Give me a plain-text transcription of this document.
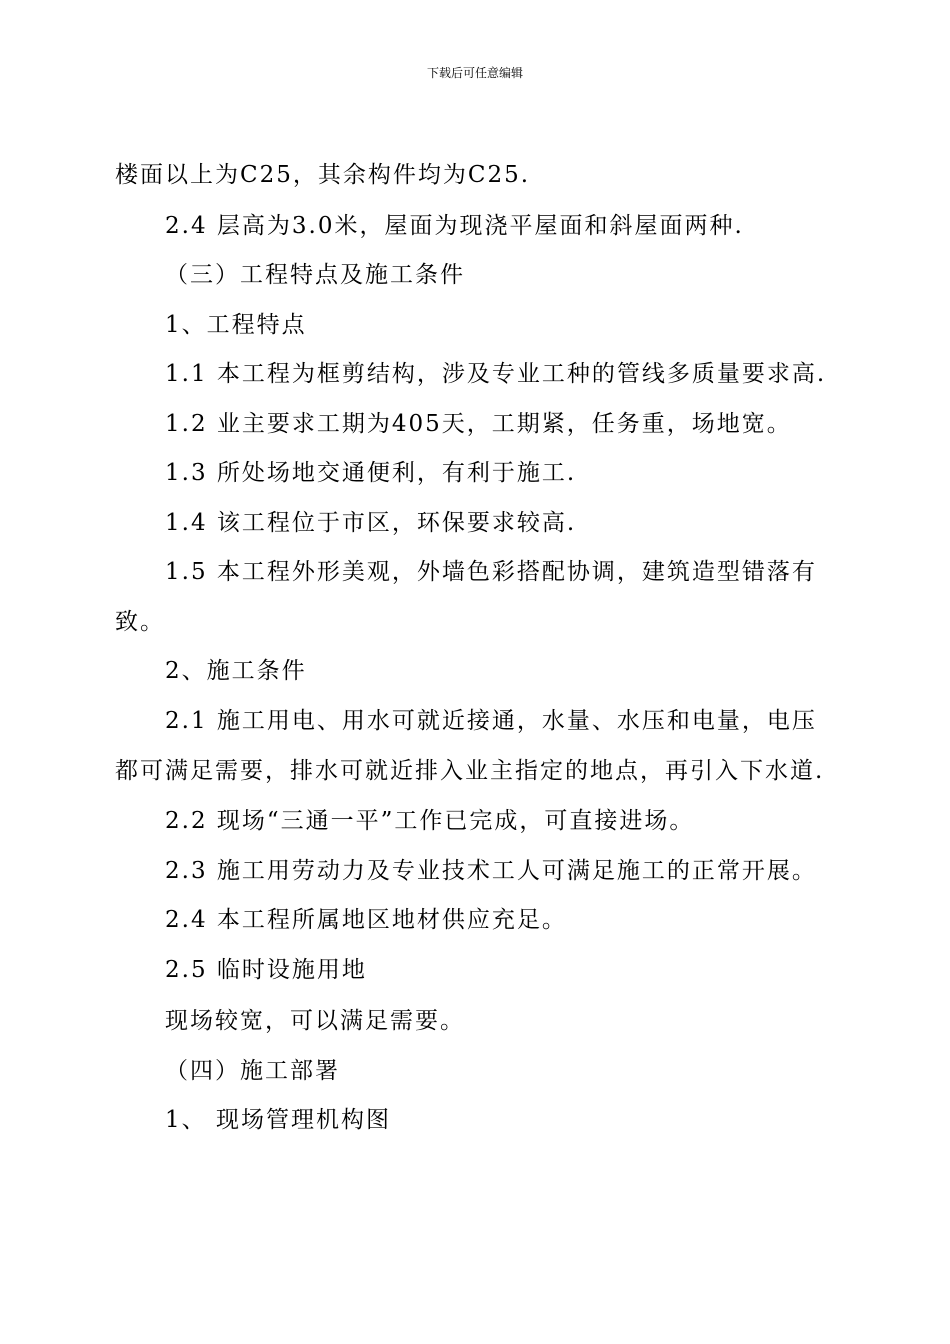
下载后可任意编辑
楼面以上为C25，其余构件均为C25.
2.4 层高为3.0米，屋面为现浇平屋面和斜屋面两种.
（三）工程特点及施工条件
1、工程特点
1.1 本工程为框剪结构，涉及专业工种的管线多质量要求高.
1.2 业主要求工期为405天，工期紧，任务重，场地宽。
1.3 所处场地交通便利，有利于施工.
1.4 该工程位于市区，环保要求较高.
1.5 本工程外形美观，外墙色彩搭配协调，建筑造型错落有
致。
2、施工条件
2.1 施工用电、用水可就近接通，水量、水压和电量，电压
都可满足需要，排水可就近排入业主指定的地点，再引入下水道.
2.2 现场“三通一平”工作已完成，可直接进场。
2.3 施工用劳动力及专业技术工人可满足施工的正常开展。
2.4 本工程所属地区地材供应充足。
2.5 临时设施用地
现场较宽，可以满足需要。
（四）施工部署
1、 现场管理机构图
